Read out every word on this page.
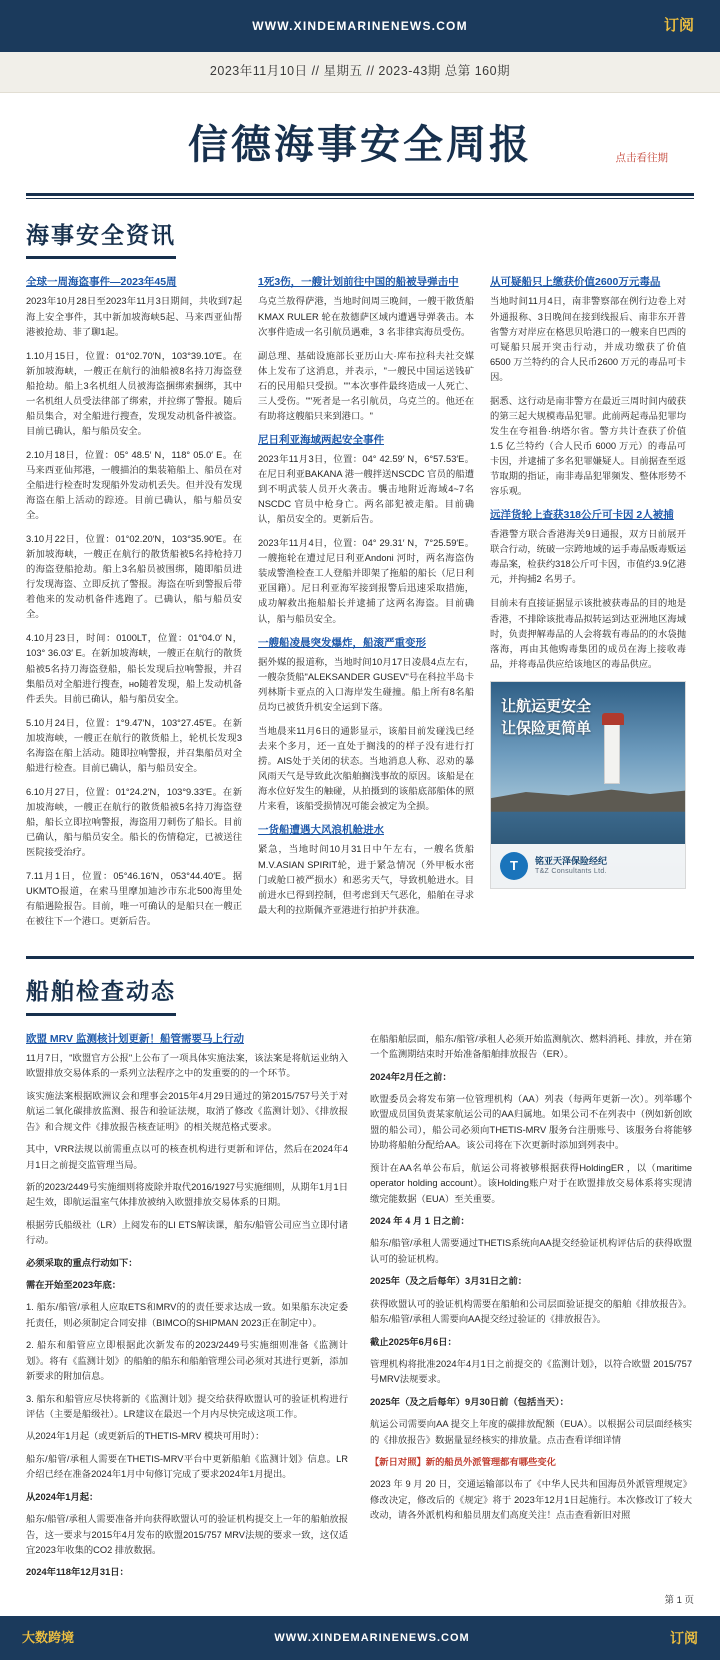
WWW.XINDEMARINENEWS.COM	订阅
2023年11月10日 // 星期五 // 2023-43期 总第 160期
信德海事安全周报	点击看往期
海事安全资讯
全球一周海盗事件—2023年45周

2023年10月28日至2023年11月3日期间，共收到7起海上安全事件，其中新加坡海峡5起、马来西亚仙帮港被抢劫、菲了聊1起。

1.10月15日，位置：01°02.70′N，103°39.10′E。在新加坡海峡，一艘正在航行的油船被8名持刀海盗登船抢劫。船上3名机组人员被海盗捆绑索捆绑，其中一名机组人员受法律部了绑索，并拉绑了警报。随后船员集合，对全船进行搜查，发现发动机备件被盗。目前已确认，船与船员安全。

2.10月18日，位置：05° 48.5′ N，118° 05.0′ E。在马来西亚仙邦港，一艘描泊的集装箱船上、船员在对全船进行检查时发现船外发动机丢失。但并没有发现海盗在船上活动的踪迹。目前已确认，船与船员安全。

3.10月22日，位置：01°02.20′N，103°35.90′E。在新加坡海峡，一艘正在航行的散货船被5名持枪持刀的海盗登船抢劫。船上3名船员被围绑，随即船员进行发现海盗、立即反抗了警报。海盗在听到警报后带着他来的发动机备件逃跑了。已确认，船与船员安全。

4.10月23日，时间：0100LT，位置：01°04.0′ N，103° 36.03′ E。在新加坡海峡，一艘正在航行的散货船被5名持刀海盗登船，船长发现后拉响警报，并召集船员对全船进行搜查，но随着发现，船上发动机备件丢失。目前已确认，船与船员安全。

5.10月24日，位置：1°9.47′N，103°27.45′E。在新加坡海峡，一艘正在航行的散货船上，轮机长发现3名海盗在船上活动。随即拉响警报，并召集船员对全船进行检查。目前已确认，船与船员安全。

6.10月27日，位置：01°24.2′N，103°9.33′E。在新加坡海峡，一艘正在航行的散货船被5名持刀海盗登船，船长立即拉响警报，海盗用刀刺伤了船长。目前已确认，船与船员安全。船长的伤情稳定，已被送往医院接受治疗。

7.11月1日，位置：05°46.16′N，053°44.40′E。据UKMTO报道，在索马里摩加迪沙市东北500海里处有船遇险报告。目前，唯一可确认的是船只在一艘正在被往下一个港口。更新后告。

1死3伤，一艘计划前往中国的船被导弹击中

乌克兰敖得萨港，当地时间周三晚间，一艘干散货船KMAX RULER 轮在敖德萨区域内遭遇导弹袭击。本次事件造成一名引航员遇难，3 名非律宾海员受伤。

副总理、基础设施部长亚历山大·库布拉科夫社交媒体上发布了这消息，并表示，"一艘民中国运送钱矿石的民用船只受损。""本次事件最终造成一人死亡、三人受伤。""死者是一名引航员，乌克兰的。他还在有助将这艘船只来到港口。"

尼日利亚海域两起安全事件

2023年11月3日，位置：04° 42.59′ N，6°57.53′E。在尼日利亚BAKANA 港一艘拌送NSCDC 官员的船遭到不明武装人员开火袭击。襲击地附近海域4~7名NSCDC 官员中枪身亡。两名部犯被走船。目前确认，船员安全的。更新后告。

2023年11月4日，位置：04° 29.31′ N，7°25.59′E。一艘拖轮在遭过尼日利亚Andoni 河时，两名海盗伪装成警渔检查工人登船并即架了拖船的船长（尼日利亚国籍）。尼日利亚海军接到报警后迅速采取措施，成功解救出拖船船长并逮捕了这两名海盗。目前确认，船与船员安全。

一艘船凌晨突发爆炸，船滚严重变形

据外媒的报道称，当地时间10月17日凌晨4点左右，一艘杂货船"ALEKSANDER GUSEV"号在科拉半岛卡列林斯卡亚点的入口海岸发生碰撞。船上所有8名船员均已被货升机安全运到下落。

当地晨来11月6日的通影显示，该船目前发碰浅已经去来个多月，还一直处于搁浅的的样子没有进行打捞。AIS处于关闭的状态。当地消息人称、忍劝的暴风雨天气是导致此次船舶搁浅事故的原因。该船是在海水位好发生的触碰，从拍摄到的该船底部船体的照片来看，该船受损情况可能会被定为全损。

一货船遭遇大风浪机舱进水

紧急，当地时间10月31日中午左右，一艘名货船M.V.ASIAN SPIRIT轮，进于紧急情况（外甲板水密门或舱口被严损水）和恶劣天气，导致机舱进水。目前进水已得到控制，但考虑到天气恶化，船舶在寻求最大利的拉斯佩齐亚港进行拍护并获准。

从可疑船只上缴获价值2600万元毒品

当地时间11月4日，南非警察部在例行边卷上对外通报称、3日晚间在接到线报后、南非东开普省警方对岸应在格思贝哈港口的一艘来自巴西的可疑船只展开突击行动，并成功缴获了价值 6500 万兰特约的合人民币2600 万元的毒品可卡因。

据悉、这行动是南非警方在最近三周时间内破获的第三起大规模毒品犯罪。此前两起毒品犯罪均发生在夸祖鲁·纳塔尔省。警方共计查获了价值 1.5 亿兰特约（合人民币 6000 万元）的毒品可卡因，并逮捕了多名犯罪嫌疑人。目前据查至返节取期的指证，南非毒品犯罪频发、整体形势不容乐观。

远洋货轮上查获318公斤可卡因 2人被捕

香港警方联合香港海关9日通报，双方日前展开联合行动，统破一宗跨地域的运手毒品贩毒贩运毒品案，检获约318公斤可卡因，市值约3.9亿港元，并拘捕2 名男子。

目前未有直接证据显示该批被获毒品的目的地是香港，不排除该批毒品拟转运到达亚洲地区海域时，负责押解毒品的人会将载有毒品的的水袋抛落海，再由其他购毒集团的成员在海上接收毒品，并将毒品供应给该地区的毒品供应。

让航运更安全
让保险更简单
T	铭亚天泽保险经纪
T&Z Consultants Ltd.
船舶检查动态
欧盟 MRV 监测核计划更新！船管需要马上行动

11月7日，"欧盟官方公报"上公布了一项具体实施法案，该法案是将航运业纳入欧盟排放交易体系的一系列立法程序之中的发重要的的一个环节。

该实施法案根据欧洲议会和理事会2015年4月29日通过的第2015/757号关于对航运二氧化碳排放监测、报告和验证法规，取消了修改《监测计划》、《排放报告》和合规文件《排放报告核查证明》的相关规范格式要求。

其中，VRR法规以前需重点以可的核查机构进行更新和评估，然后在2024年4月1日之前提交监管理当局。

新的2023/2449号实施细则将废除并取代2016/1927号实施细则，从期年1月1日起生效，即航运温室气体排放被纳入欧盟排放交易体系的日期。

根据劳氏船级社（LR）上阅发布的LI ETS解读课，船东/船管公司应当立即付诸行动。

必须采取的重点行动如下：

需在开始至2023年底：

1. 船东/船管/承租人应取ETS和MRV的的责任要求达成一致。如果船东决定委托责任，则必须制定合同安排（BIMCO的SHIPMAN 2023正在制定中）。

2. 船东和船管应立即根据此次新发布的2023/2449号实施细则准备《监测计划》。将有《监测计划》的船舶的船东和船舶管理公司必须对其进行更新，添加新要求的附加信息。

3. 船东和船管应尽快将新的《监测计划》提交给获得欧盟认可的验证机构进行评估（主要是船级社）。LR建议在最迟一个月内尽快完成这项工作。

从2024年1月起（或更新后的THETIS-MRV 模块可用时）：

船东/船管/承租人需要在THETIS-MRV平台中更新船舶《监测计划》信息。LR介绍已经在准备2024年1月中旬修订完成了要求2024年1月提出。

从2024年1月起：

船东/船管/承租人需要准备并向获得欧盟认可的验证机构提交上一年的船舶放报告，这一要求与2015年4月发布的欧盟2015/757 MRV法规的要求一致，这仅适宜2023年收集的CO2 排放数据。

2024年118年12月31日：

在船船舶层面，船东/船管/承租人必须开始监测航次、燃料消耗、排放，并在第一个监测期结束时开始准备船舶排放报告（ER）。

2024年2月任之前：

欧盟委员会将发布第一位管理机构（AA）列表（每两年更新一次）。列举哪个欧盟成员国负责某家航运公司的AA归属地。如果公司不在列表中（例如新创欧盟的船公司），船公司必须向THETIS-MRV 服务台注册账号、该服务台将能够协助将船舶分配给AA。该公司将在下次更新时添加到列表中。

预计在AA名单公布后，航运公司将被够根据获得HoldingER ，以（maritime operator holding account）。该Holding账户对于在欧盟排放交易体系将实现清缴完能数据（EUA）至关重要。

2024 年 4 月 1 日之前：

船东/船管/承租人需要通过THETIS系统向AA提交经验证机构评估后的获得欧盟认可的验证机构。

2025年（及之后每年）3月31日之前：

获得欧盟认可的验证机构需要在船舶和公司层面验证提交的船舶《排放报告》。船东/船管/承租人需要向AA提交经过验证的《排放报告》。

截止2025年6月6日：

管理机构将批准2024年4月1日之前提交的《监测计划》，以符合欧盟 2015/757 号MRV法规要求。

2025年（及之后每年）9月30日前（包括当天）：

航运公司需要向AA 提交上年度的碳排放配额（EUA）。以根据公司层面经核实的《排放报告》数据量显经核实的排放量。点击查看详细详情

【新日对照】新的船员外派管理都有哪些变化

2023 年 9 月 20 日，交通运输部以布了《中华人民共和国海员外派管理规定》修改决定，修改后的《规定》将于 2023年12月1日起施行。本次修改订了较大改动，请各外派机构和船员朋友们高度关注！点击查看新旧对照

第 1 页
大数跨境	WWW.XINDEMARINENEWS.COM	订阅
